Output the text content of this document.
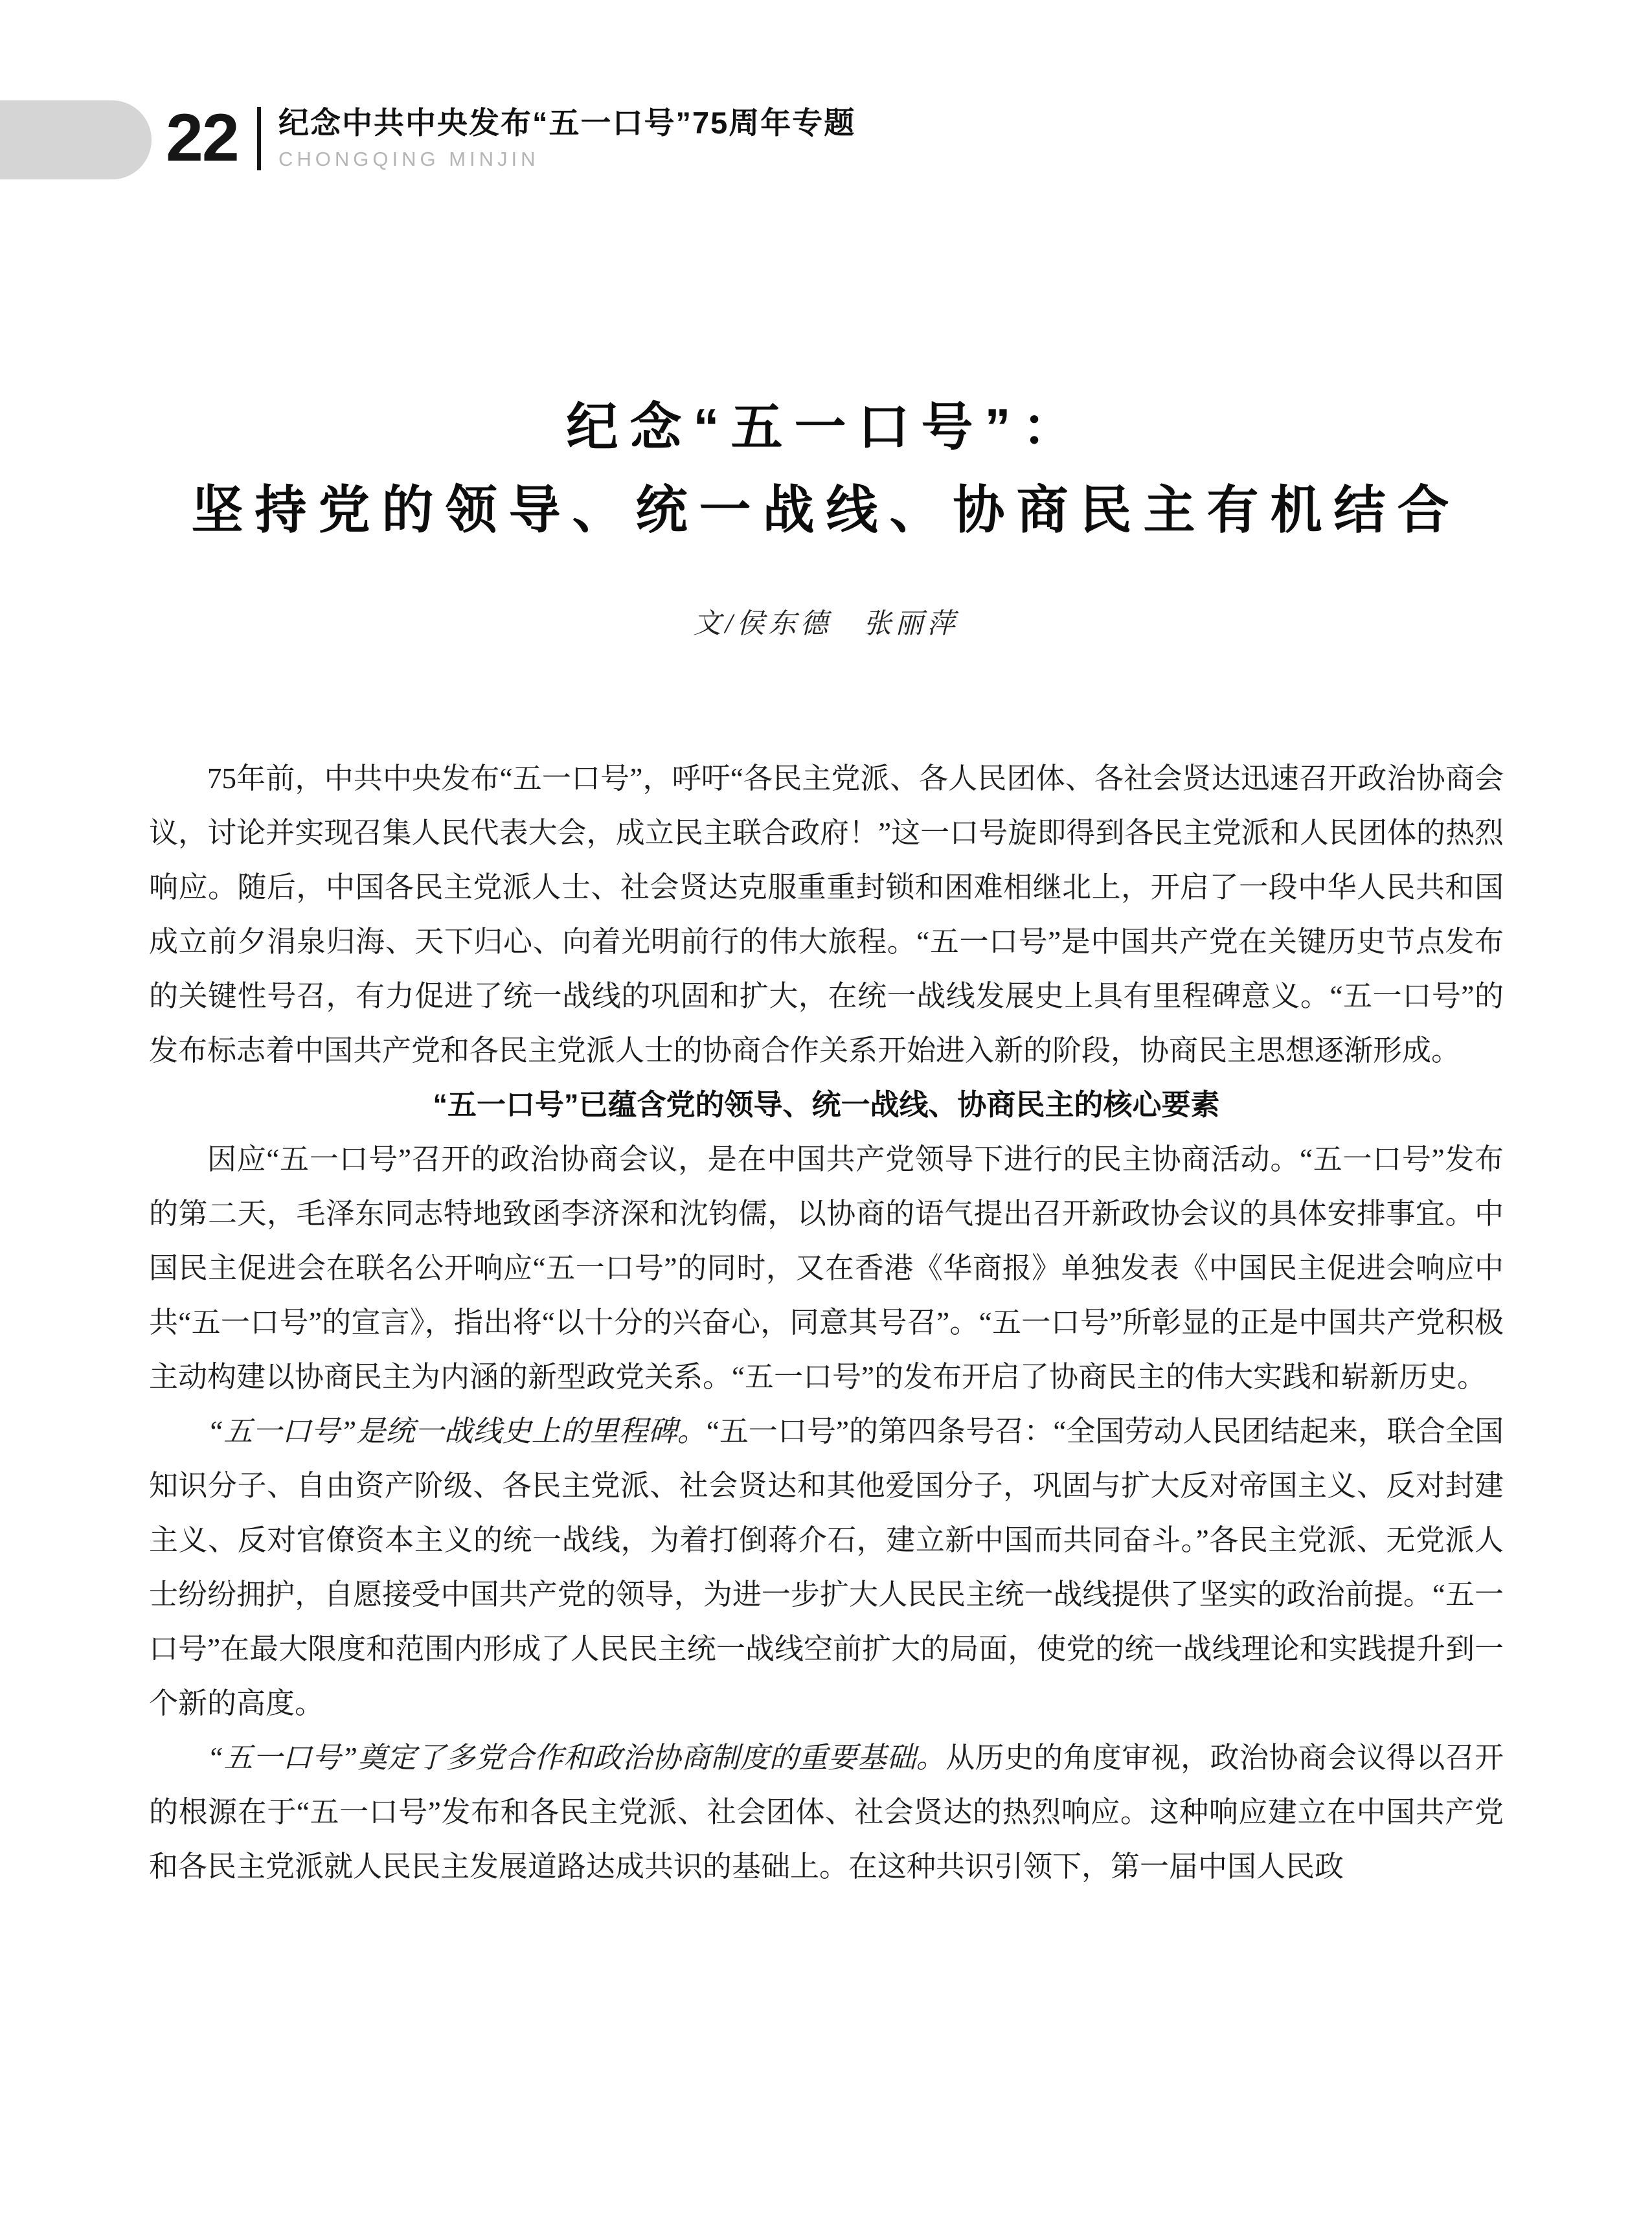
22 纪念中共中央发布“五一口号”75周年专题
CHONGQING MINJIN
纪念“五一口号”：
坚持党的领导、统一战线、协商民主有机结合
文/侯东德　张丽萍

75年前，中共中央发布“五一口号”，呼吁“各民主党派、各人民团体、各社会贤达迅速召开政治协商会议，讨论并实现召集人民代表大会，成立民主联合政府！”这一口号旋即得到各民主党派和人民团体的热烈响应。随后，中国各民主党派人士、社会贤达克服重重封锁和困难相继北上，开启了一段中华人民共和国成立前夕涓泉归海、天下归心、向着光明前行的伟大旅程。“五一口号”是中国共产党在关键历史节点发布的关键性号召，有力促进了统一战线的巩固和扩大，在统一战线发展史上具有里程碑意义。“五一口号”的发布标志着中国共产党和各民主党派人士的协商合作关系开始进入新的阶段，协商民主思想逐渐形成。

“五一口号”已蕴含党的领导、统一战线、协商民主的核心要素

因应“五一口号”召开的政治协商会议，是在中国共产党领导下进行的民主协商活动。“五一口号”发布的第二天，毛泽东同志特地致函李济深和沈钧儒，以协商的语气提出召开新政协会议的具体安排事宜。中国民主促进会在联名公开响应“五一口号”的同时，又在香港《华商报》单独发表《中国民主促进会响应中共“五一口号”的宣言》，指出将“以十分的兴奋心，同意其号召”。“五一口号”所彰显的正是中国共产党积极主动构建以协商民主为内涵的新型政党关系。“五一口号”的发布开启了协商民主的伟大实践和崭新历史。

“五一口号”是统一战线史上的里程碑。“五一口号”的第四条号召：“全国劳动人民团结起来，联合全国知识分子、自由资产阶级、各民主党派、社会贤达和其他爱国分子，巩固与扩大反对帝国主义、反对封建主义、反对官僚资本主义的统一战线，为着打倒蒋介石，建立新中国而共同奋斗。”各民主党派、无党派人士纷纷拥护，自愿接受中国共产党的领导，为进一步扩大人民民主统一战线提供了坚实的政治前提。“五一口号”在最大限度和范围内形成了人民民主统一战线空前扩大的局面，使党的统一战线理论和实践提升到一个新的高度。

“五一口号”奠定了多党合作和政治协商制度的重要基础。从历史的角度审视，政治协商会议得以召开的根源在于“五一口号”发布和各民主党派、社会团体、社会贤达的热烈响应。这种响应建立在中国共产党和各民主党派就人民民主发展道路达成共识的基础上。在这种共识引领下，第一届中国人民政
